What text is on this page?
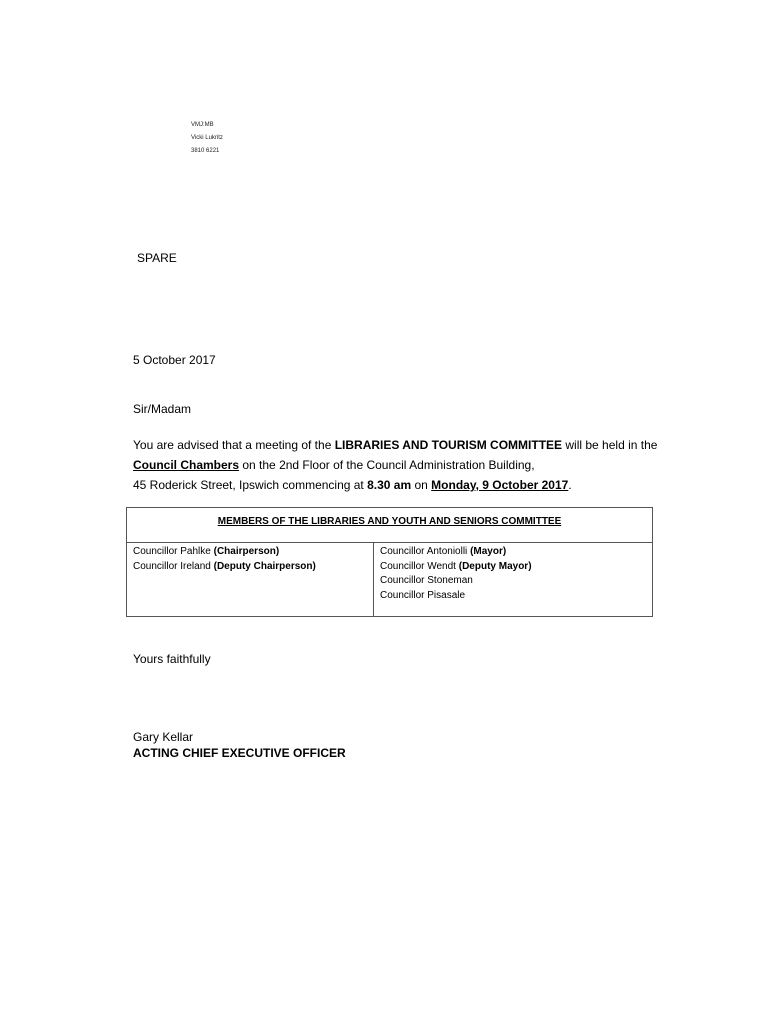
VMJ:MB
Vicki Lukritz
3810 6221
SPARE
5 October 2017
Sir/Madam
You are advised that a meeting of the LIBRARIES AND TOURISM COMMITTEE will be held in the
Council Chambers on the 2nd Floor of the Council Administration Building,
45 Roderick Street, Ipswich commencing at 8.30 am on Monday, 9 October 2017.
MEMBERS OF THE LIBRARIES AND YOUTH AND SENIORS COMMITTEE
Councillor Pahlke (Chairperson)
Councillor Ireland (Deputy Chairperson)
Councillor Antoniolli (Mayor)
Councillor Wendt (Deputy Mayor)
Councillor Stoneman
Councillor Pisasale
Yours faithfully
Gary Kellar
ACTING CHIEF EXECUTIVE OFFICER
